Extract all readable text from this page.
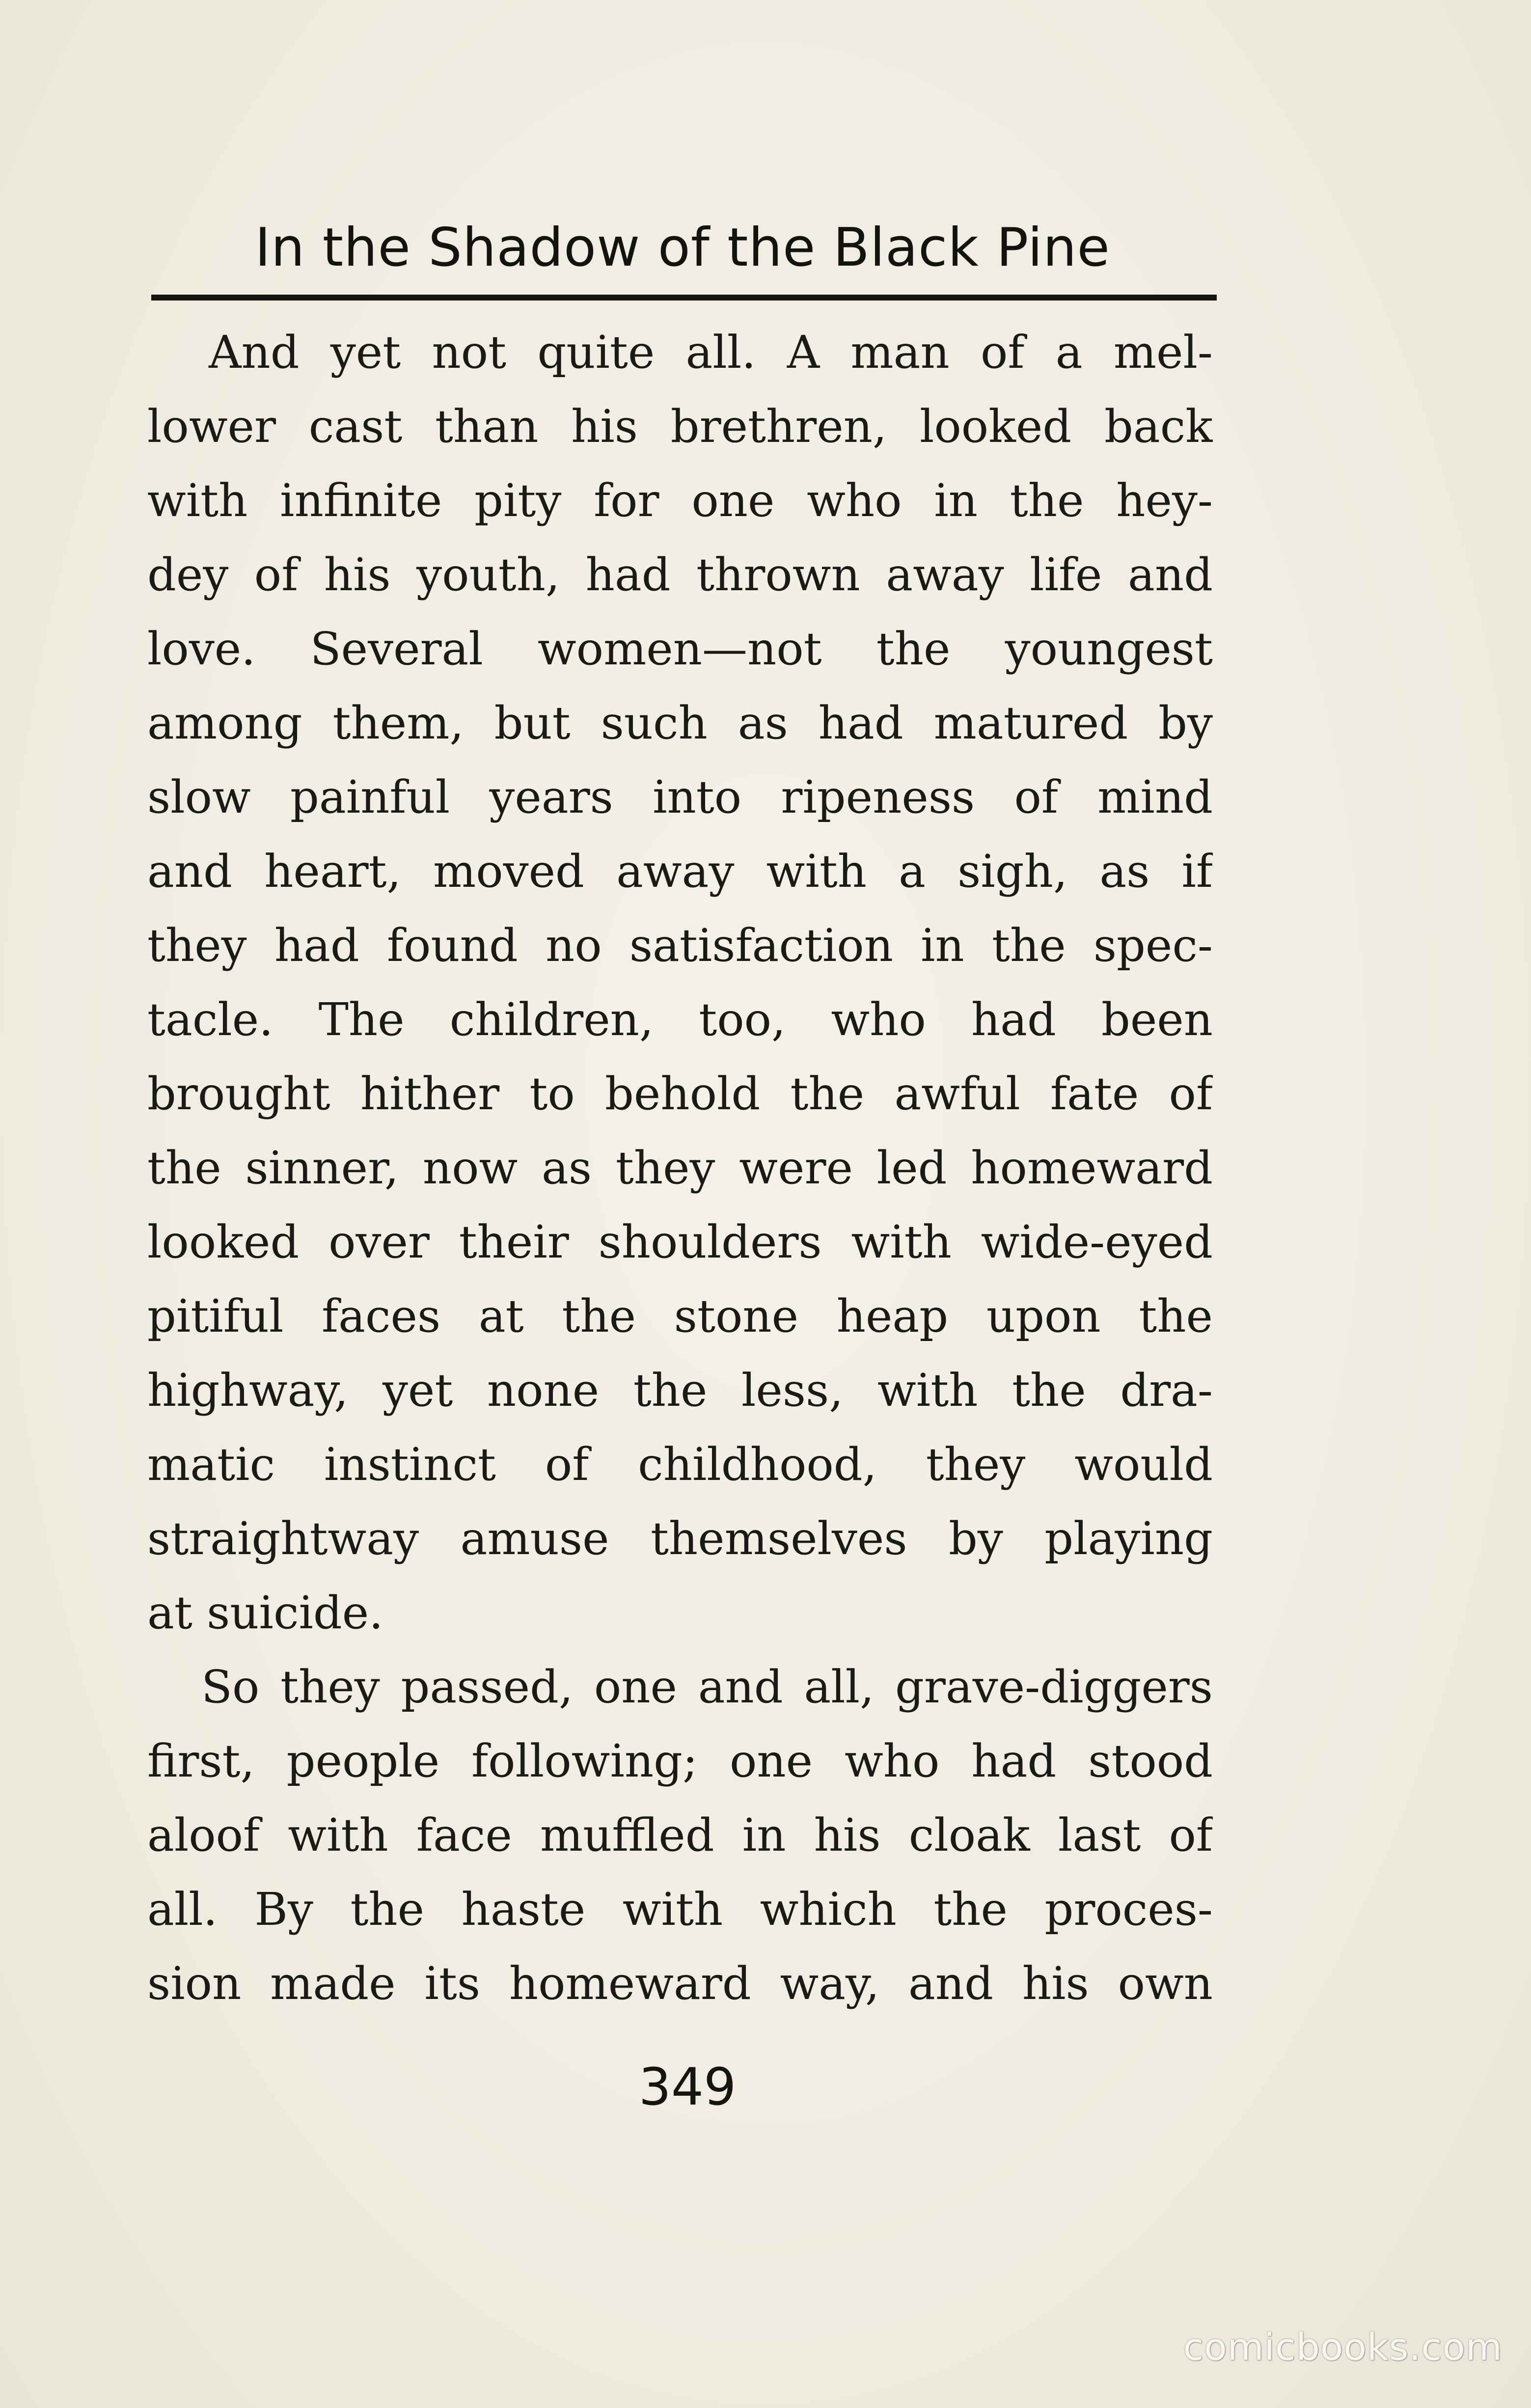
In the Shadow of the Black Pine
And yet not quite all. A man of a mel-
lower cast than his brethren, looked back
with infinite pity for one who in the hey-
dey of his youth, had thrown away life and
love. Several women—not the youngest
among them, but such as had matured by
slow painful years into ripeness of mind
and heart, moved away with a sigh, as if
they had found no satisfaction in the spec-
tacle. The children, too, who had been
brought hither to behold the awful fate of
the sinner, now as they were led homeward
looked over their shoulders with wide-eyed
pitiful faces at the stone heap upon the
highway, yet none the less, with the dra-
matic instinct of childhood, they would
straightway amuse themselves by playing
at suicide.
So they passed, one and all, grave-diggers
first, people following; one who had stood
aloof with face muffled in his cloak last of
all. By the haste with which the proces-
sion made its homeward way, and his own
349
comicbooks.com
